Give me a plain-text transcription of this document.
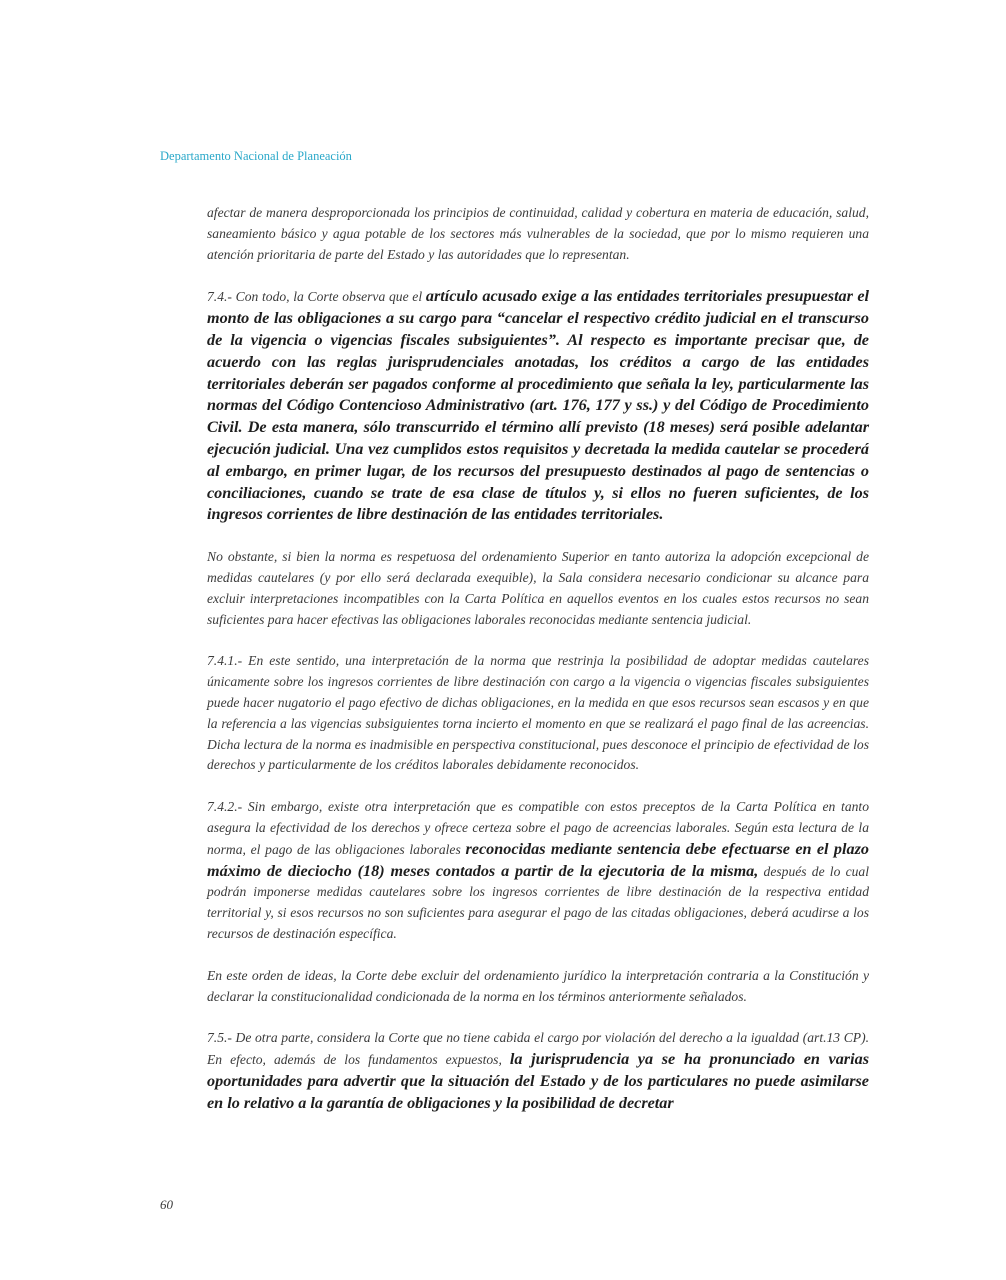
Departamento Nacional de Planeación

afectar de manera desproporcionada los principios de continuidad, calidad y cobertura en materia de educación, salud, saneamiento básico y agua potable de los sectores más vulnerables de la sociedad, que por lo mismo requieren una atención prioritaria de parte del Estado y las autoridades que lo representan.

7.4.- Con todo, la Corte observa que el artículo acusado exige a las entidades territoriales presupuestar el monto de las obligaciones a su cargo para “cancelar el respectivo crédito judicial en el transcurso de la vigencia o vigencias fiscales subsiguientes”. Al respecto es importante precisar que, de acuerdo con las reglas jurisprudenciales anotadas, los créditos a cargo de las entidades territoriales deberán ser pagados conforme al procedimiento que señala la ley, particularmente las normas del Código Contencioso Administrativo (art. 176, 177 y ss.) y del Código de Procedimiento Civil. De esta manera, sólo transcurrido el término allí previsto (18 meses) será posible adelantar ejecución judicial. Una vez cumplidos estos requisitos y decretada la medida cautelar se procederá al embargo, en primer lugar, de los recursos del presupuesto destinados al pago de sentencias o conciliaciones, cuando se trate de esa clase de títulos y, si ellos no fueren suficientes, de los ingresos corrientes de libre destinación de las entidades territoriales.

No obstante, si bien la norma es respetuosa del ordenamiento Superior en tanto autoriza la adopción excepcional de medidas cautelares (y por ello será declarada exequible), la Sala considera necesario condicionar su alcance para excluir interpretaciones incompatibles con la Carta Política en aquellos eventos en los cuales estos recursos no sean suficientes para hacer efectivas las obligaciones laborales reconocidas mediante sentencia judicial.

7.4.1.- En este sentido, una interpretación de la norma que restrinja la posibilidad de adoptar medidas cautelares únicamente sobre los ingresos corrientes de libre destinación con cargo a la vigencia o vigencias fiscales subsiguientes puede hacer nugatorio el pago efectivo de dichas obligaciones, en la medida en que esos recursos sean escasos y en que la referencia a las vigencias subsiguientes torna incierto el momento en que se realizará el pago final de las acreencias. Dicha lectura de la norma es inadmisible en perspectiva constitucional, pues desconoce el principio de efectividad de los derechos y particularmente de los créditos laborales debidamente reconocidos.

7.4.2.- Sin embargo, existe otra interpretación que es compatible con estos preceptos de la Carta Política en tanto asegura la efectividad de los derechos y ofrece certeza sobre el pago de acreencias laborales. Según esta lectura de la norma, el pago de las obligaciones laborales reconocidas mediante sentencia debe efectuarse en el plazo máximo de dieciocho (18) meses contados a partir de la ejecutoria de la misma, después de lo cual podrán imponerse medidas cautelares sobre los ingresos corrientes de libre destinación de la respectiva entidad territorial y, si esos recursos no son suficientes para asegurar el pago de las citadas obligaciones, deberá acudirse a los recursos de destinación específica.

En este orden de ideas, la Corte debe excluir del ordenamiento jurídico la interpretación contraria a la Constitución y declarar la constitucionalidad condicionada de la norma en los términos anteriormente señalados.

7.5.- De otra parte, considera la Corte que no tiene cabida el cargo por violación del derecho a la igualdad (art.13 CP). En efecto, además de los fundamentos expuestos, la jurisprudencia ya se ha pronunciado en varias oportunidades para advertir que la situación del Estado y de los particulares no puede asimilarse en lo relativo a la garantía de obligaciones y la posibilidad de decretar

60
